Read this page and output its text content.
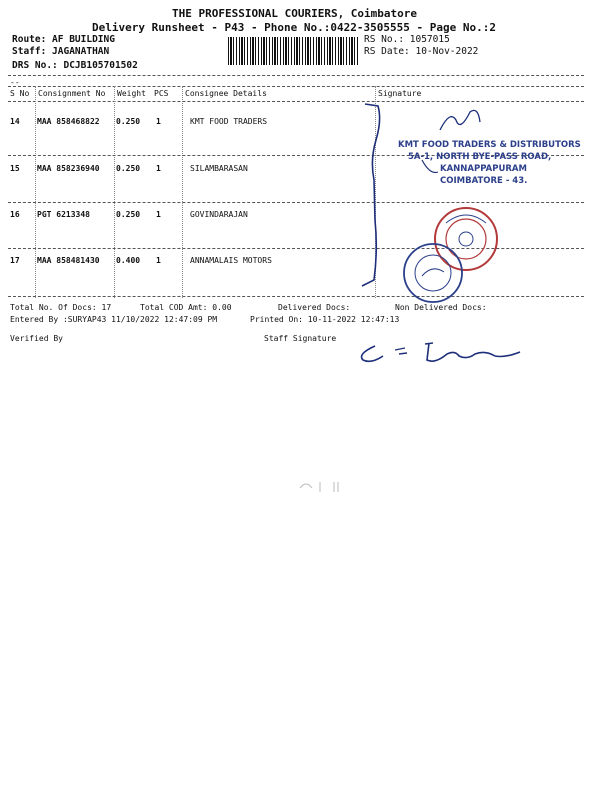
THE PROFESSIONAL COURIERS, Coimbatore
Delivery Runsheet - P43 - Phone No.:0422-3505555 - Page No.:2
Route: AF BUILDING
Staff: JAGANATHAN
DRS No.: DCJB105701502
RS No.: 1057015
RS Date: 10-Nov-2022
--
S No Consignment No Weight PCS Consignee Details	Signature
14 MAA 858468822 0.250 1	KMT FOOD TRADERS
15 MAA 858236940 0.250 1	SILAMBARASAN
16 PGT 6213348	0.250 1	GOVINDARAJAN
17 MAA 858481430 0.400 1	ANNAMALAIS MOTORS
KMT FOOD TRADERS & DISTRIBUTORS
5A-1, NORTH BYE-PASS ROAD,
KANNAPPAPURAM
COIMBATORE - 43.
Total No. Of Docs: 17	Total COD Amt: 0.00	Delivered Docs:	Non Delivered Docs:
Entered By :SURYAP43 11/10/2022 12:47:09 PM	Printed On: 10-11-2022 12:47:13
Verified By	Staff Signature
